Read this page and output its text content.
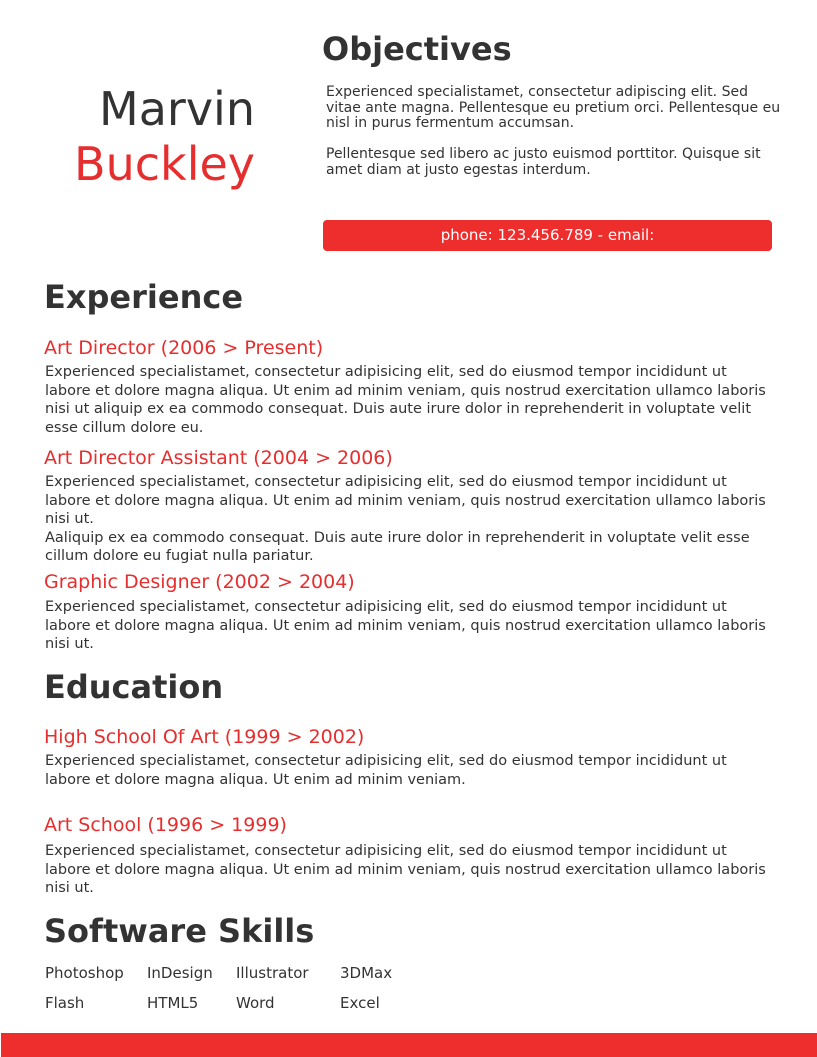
Marvin
Buckley
Objectives

Experienced specialistamet, consectetur adipiscing elit. Sed vitae ante magna. Pellentesque eu pretium orci. Pellentesque eu nisl in purus fermentum accumsan.

Pellentesque sed libero ac justo euismod porttitor. Quisque sit amet diam at justo egestas interdum.

phone: 123.456.789 - email: marvin.buckley@mail.com
Experience
Art Director (2006 > Present)
Experienced specialistamet, consectetur adipisicing elit, sed do eiusmod tempor incididunt ut labore et dolore magna aliqua. Ut enim ad minim veniam, quis nostrud exercitation ullamco laboris nisi ut aliquip ex ea commodo consequat. Duis aute irure dolor in reprehenderit in voluptate velit esse cillum dolore eu.
Art Director Assistant (2004 > 2006)
Experienced specialistamet, consectetur adipisicing elit, sed do eiusmod tempor incididunt ut labore et dolore magna aliqua. Ut enim ad minim veniam, quis nostrud exercitation ullamco laboris nisi ut.
Aaliquip ex ea commodo consequat. Duis aute irure dolor in reprehenderit in voluptate velit esse cillum dolore eu fugiat nulla pariatur.
Graphic Designer (2002 > 2004)
Experienced specialistamet, consectetur adipisicing elit, sed do eiusmod tempor incididunt ut labore et dolore magna aliqua. Ut enim ad minim veniam, quis nostrud exercitation ullamco laboris nisi ut.
Education
High School Of Art (1999 > 2002)
Experienced specialistamet, consectetur adipisicing elit, sed do eiusmod tempor incididunt ut labore et dolore magna aliqua. Ut enim ad minim veniam.
Art School (1996 > 1999)
Experienced specialistamet, consectetur adipisicing elit, sed do eiusmod tempor incididunt ut labore et dolore magna aliqua. Ut enim ad minim veniam, quis nostrud exercitation ullamco laboris nisi ut.
Software Skills
Photoshop InDesign Illustrator 3DMax
Flash	HTML5	Word	Excel
